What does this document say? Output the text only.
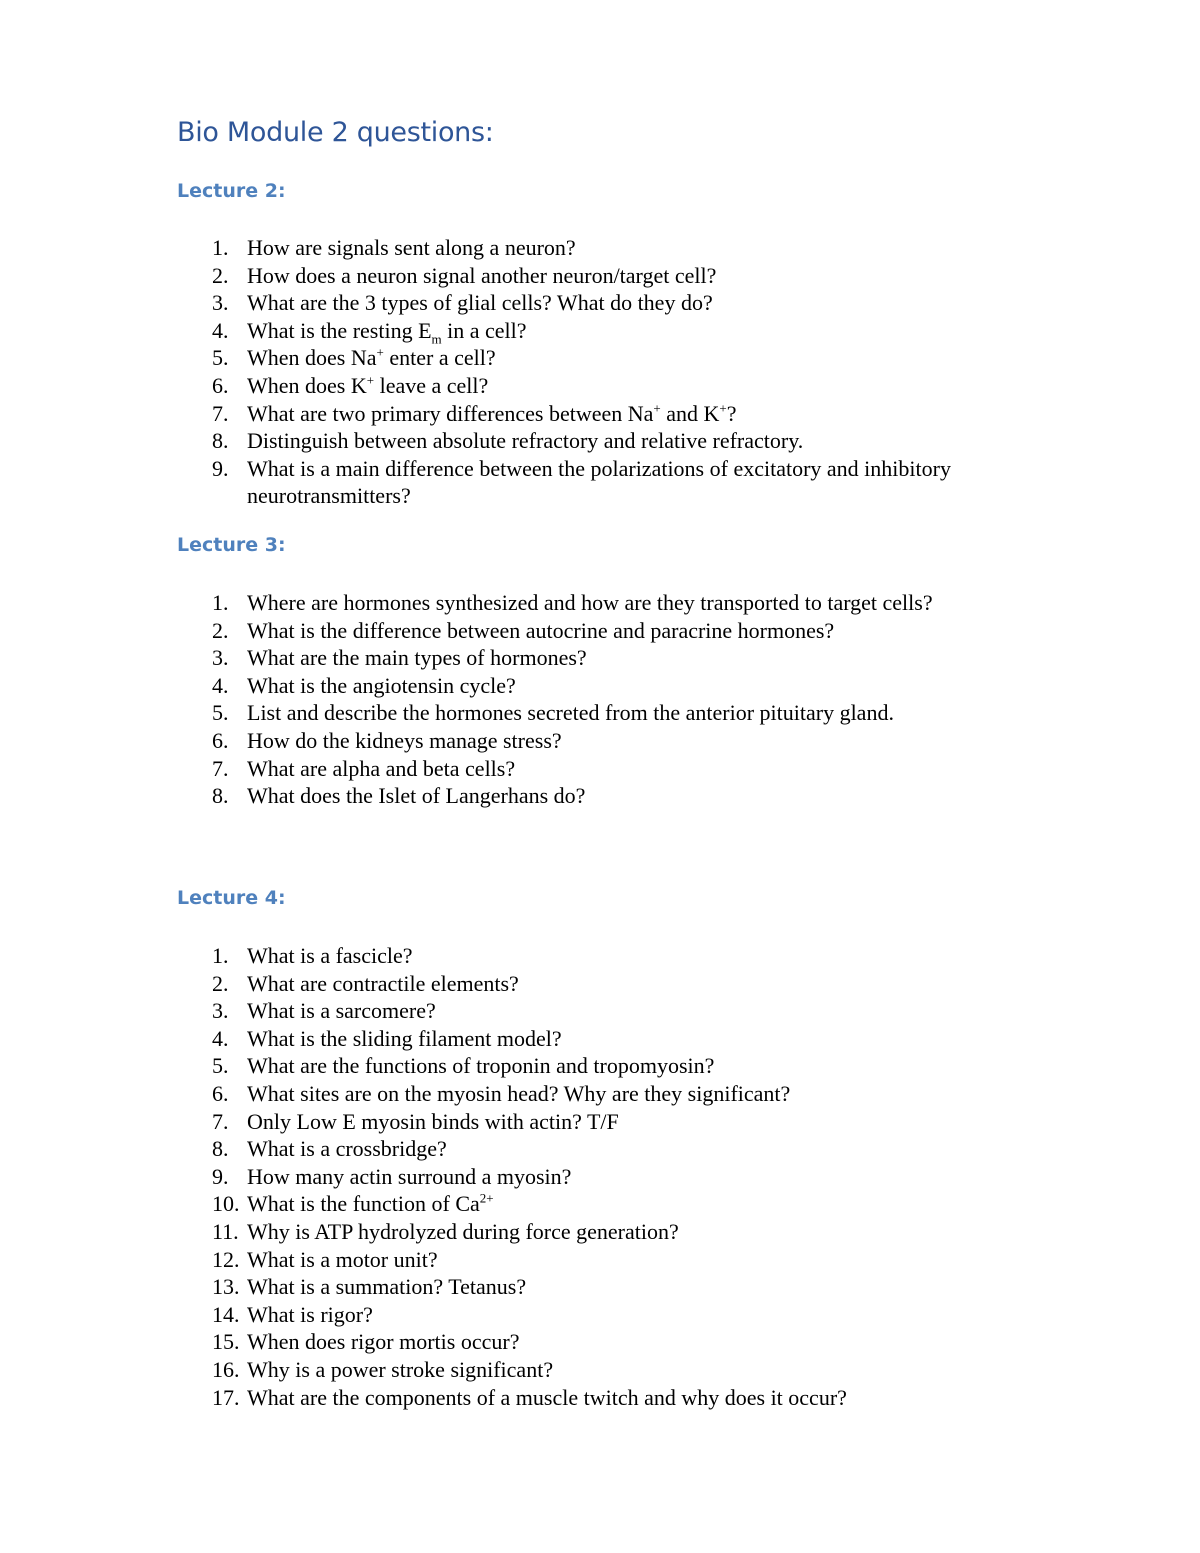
Bio Module 2 questions:
Lecture 2:
1. How are signals sent along a neuron?
2. How does a neuron signal another neuron/target cell?
3. What are the 3 types of glial cells? What do they do?
4. What is the resting $E_m$ in a cell?
5. When does Na+ enter a cell?
6. When does K+ leave a cell?
7. What are two primary differences between Na+ and K+?
8. Distinguish between absolute refractory and relative refractory.
9. What is a main difference between the polarizations of excitatory and inhibitory neurotransmitters?
Lecture 3:
1. Where are hormones synthesized and how are they transported to target cells?
2. What is the difference between autocrine and paracrine hormones?
3. What are the main types of hormones?
4. What is the angiotensin cycle?
5. List and describe the hormones secreted from the anterior pituitary gland.
6. How do the kidneys manage stress?
7. What are alpha and beta cells?
8. What does the Islet of Langerhans do?
Lecture 4:
1. What is a fascicle?
2. What are contractile elements?
3. What is a sarcomere?
4. What is the sliding filament model?
5. What are the functions of troponin and tropomyosin?
6. What sites are on the myosin head? Why are they significant?
7. Only Low E myosin binds with actin? T/F
8. What is a crossbridge?
9. How many actin surround a myosin?
10. What is the function of $Ca^{2+}$
11. Why is ATP hydrolyzed during force generation?
12. What is a motor unit?
13. What is a summation? Tetanus?
14. What is rigor?
15. When does rigor mortis occur?
16. Why is a power stroke significant?
17. What are the components of a muscle twitch and why does it occur?
